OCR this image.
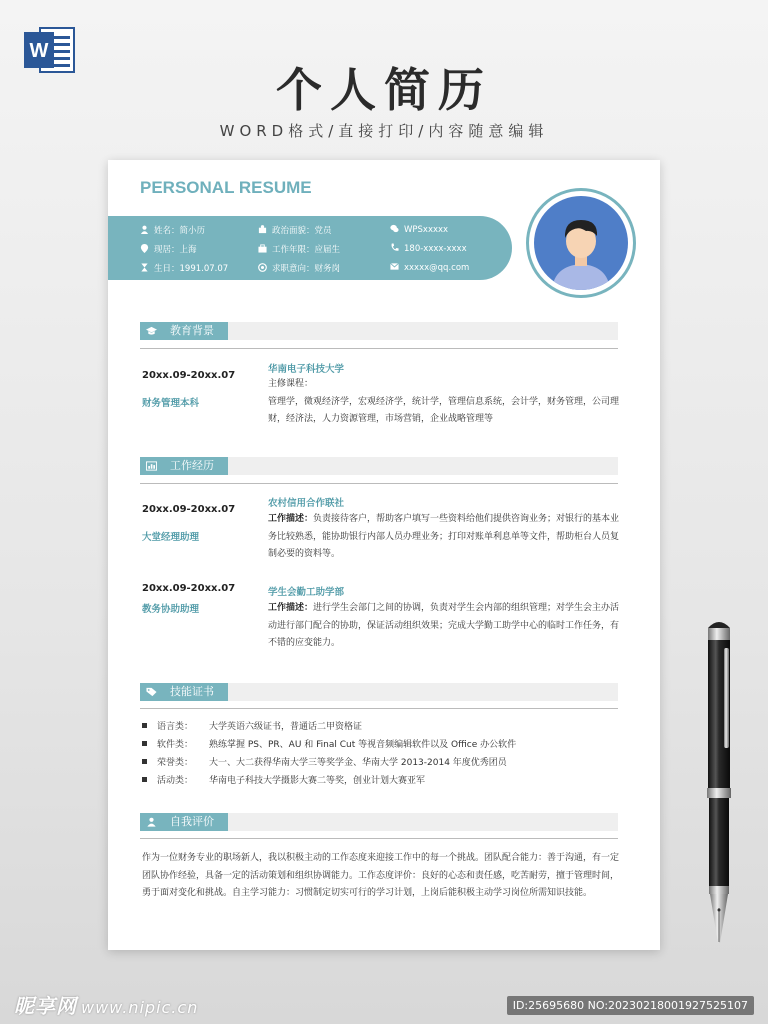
W
个人简历
WORD格式/直接打印/内容随意编辑
PERSONAL RESUME
姓名：简小历	政治面貌：党员	WPSxxxxx
现居：上海	工作年限：应届生	180-xxxx-xxxx
生日：1991.07.07	求职意向：财务岗	xxxxx@qq.com
教育背景
20xx.09-20xx.07
财务管理本科
华南电子科技大学
主修课程：
管理学，微观经济学，宏观经济学，统计学，管理信息系统，会计学，财务管理，公司理财，经济法，人力资源管理，市场营销，企业战略管理等
工作经历
20xx.09-20xx.07
大堂经理助理
农村信用合作联社
工作描述：负责接待客户，帮助客户填写一些资料给他们提供咨询业务；对银行的基本业务比较熟悉，能协助银行内部人员办理业务；打印对账单利息单等文件，帮助柜台人员复制必要的资料等。
20xx.09-20xx.07
教务协助助理
学生会勤工助学部
工作描述：进行学生会部门之间的协调，负责对学生会内部的组织管理；对学生会主办活动进行部门配合的协助，保证活动组织效果；完成大学勤工助学中心的临时工作任务，有不错的应变能力。
技能证书
语言类： 大学英语六级证书，普通话二甲资格证
软件类： 熟练掌握 PS、PR、AU 和 Final Cut 等视音频编辑软件以及 Office 办公软件
荣誉类： 大一、大二获得华南大学三等奖学金、华南大学 2013-2014 年度优秀团员
活动类： 华南电子科技大学摄影大赛二等奖，创业计划大赛亚军
自我评价
作为一位财务专业的职场新人，我以积极主动的工作态度来迎接工作中的每一个挑战。团队配合能力：善于沟通，有一定团队协作经验，具备一定的活动策划和组织协调能力。工作态度评价：良好的心态和责任感，吃苦耐劳，擅于管理时间，勇于面对变化和挑战。自主学习能力：习惯制定切实可行的学习计划，上岗后能积极主动学习岗位所需知识技能。
昵享网 www.nipic.cn	ID:25695680 NO:20230218001927525107
